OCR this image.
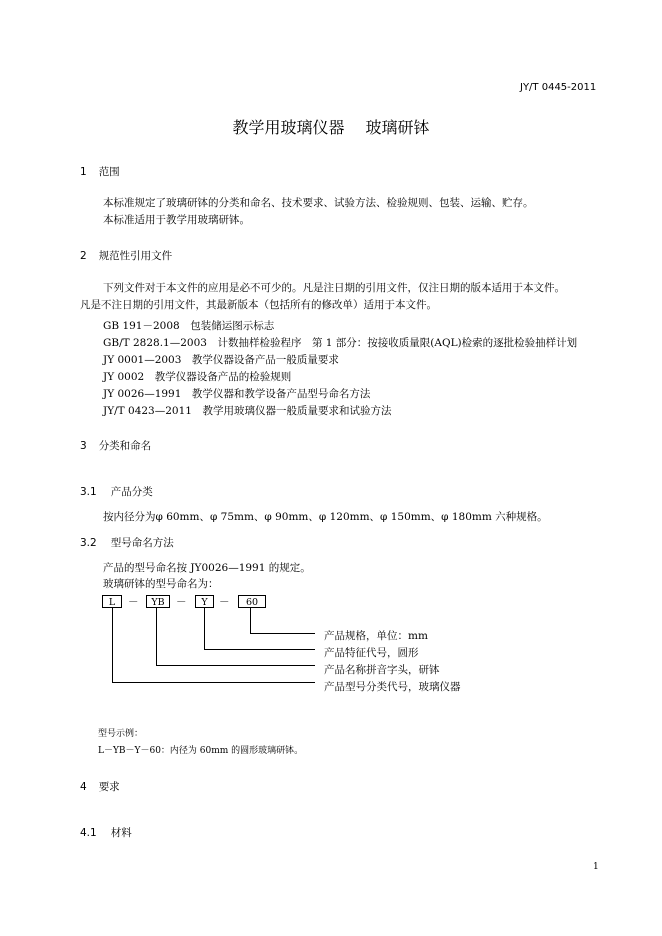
JY/T 0445-2011
教学用玻璃仪器　 玻璃研钵
1 范围
本标准规定了玻璃研钵的分类和命名、技术要求、试验方法、检验规则、包装、运输、贮存。
本标准适用于教学用玻璃研钵。
2 规范性引用文件
下列文件对于本文件的应用是必不可少的。凡是注日期的引用文件，仅注日期的版本适用于本文件。
凡是不注日期的引用文件，其最新版本（包括所有的修改单）适用于本文件。
GB 191－2008　包装储运图示标志
GB/T 2828.1—2003　计数抽样检验程序　第 1 部分：按接收质量限(AQL)检索的逐批检验抽样计划
JY 0001—2003　教学仪器设备产品一般质量要求
JY 0002　教学仪器设备产品的检验规则
JY 0026—1991　教学仪器和教学设备产品型号命名方法
JY/T 0423—2011　教学用玻璃仪器一般质量要求和试验方法
3 分类和命名
3.1 产品分类
按内径分为φ 60mm、φ 75mm、φ 90mm、φ 120mm、φ 150mm、φ 180mm 六种规格。
3.2 型号命名方法
产品的型号命名按 JY0026—1991 的规定。
玻璃研钵的型号命名为：
L	－	YB	－	Y	－	60
产品规格，单位：mm
产品特征代号，圆形
产品名称拼音字头，研钵
产品型号分类代号，玻璃仪器
型号示例：
L－YB－Y－60：内径为 60mm 的圆形玻璃研钵。
4 要求
4.1 材料
1
